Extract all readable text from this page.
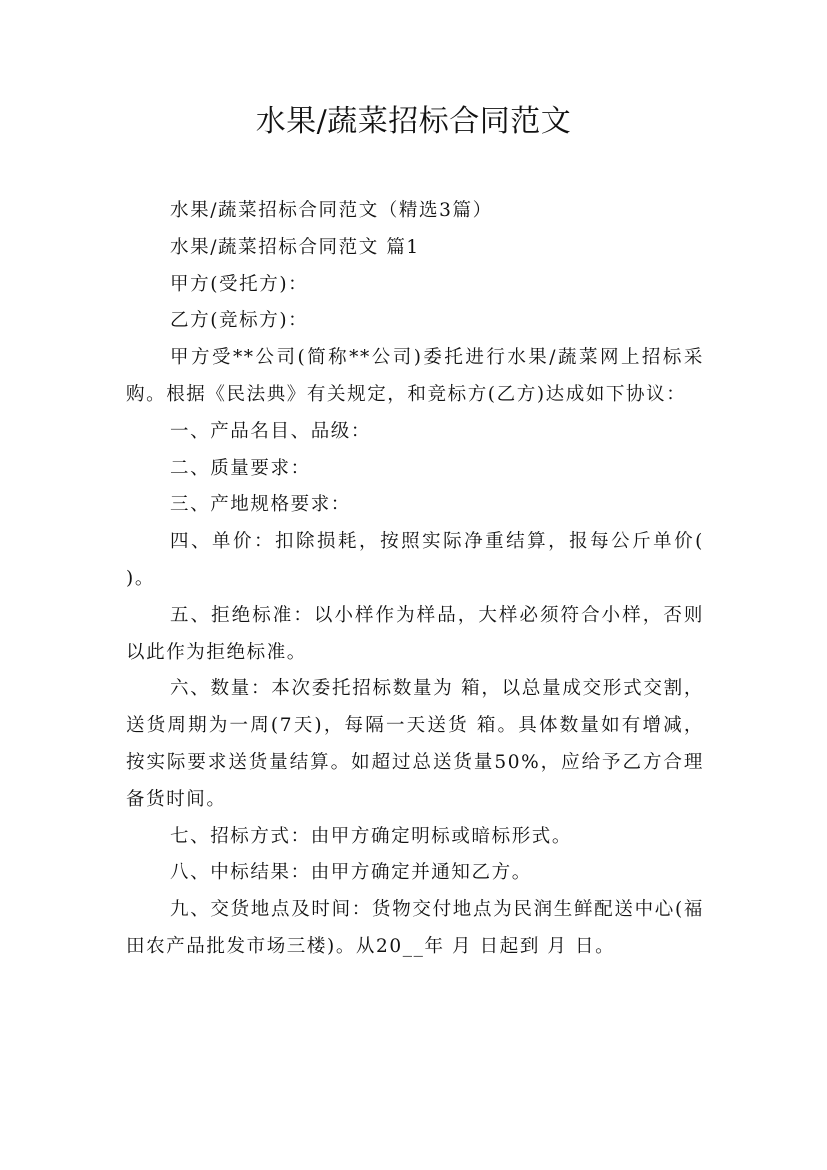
水果/蔬菜招标合同范文

水果/蔬菜招标合同范文（精选3篇）

水果/蔬菜招标合同范文 篇1

甲方(受托方)：

乙方(竞标方)：

甲方受**公司(简称**公司)委托进行水果/蔬菜网上招标采购。根据《民法典》有关规定，和竞标方(乙方)达成如下协议：

一、产品名目、品级：

二、质量要求：

三、产地规格要求：

四、单价：扣除损耗，按照实际净重结算，报每公斤单价( )。

五、拒绝标准：以小样作为样品，大样必须符合小样，否则以此作为拒绝标准。

六、数量：本次委托招标数量为 箱，以总量成交形式交割，送货周期为一周(7天)，每隔一天送货 箱。具体数量如有增减，按实际要求送货量结算。如超过总送货量50%，应给予乙方合理备货时间。

七、招标方式：由甲方确定明标或暗标形式。

八、中标结果：由甲方确定并通知乙方。

九、交货地点及时间：货物交付地点为民润生鲜配送中心(福田农产品批发市场三楼)。从20__年 月 日起到 月 日。
